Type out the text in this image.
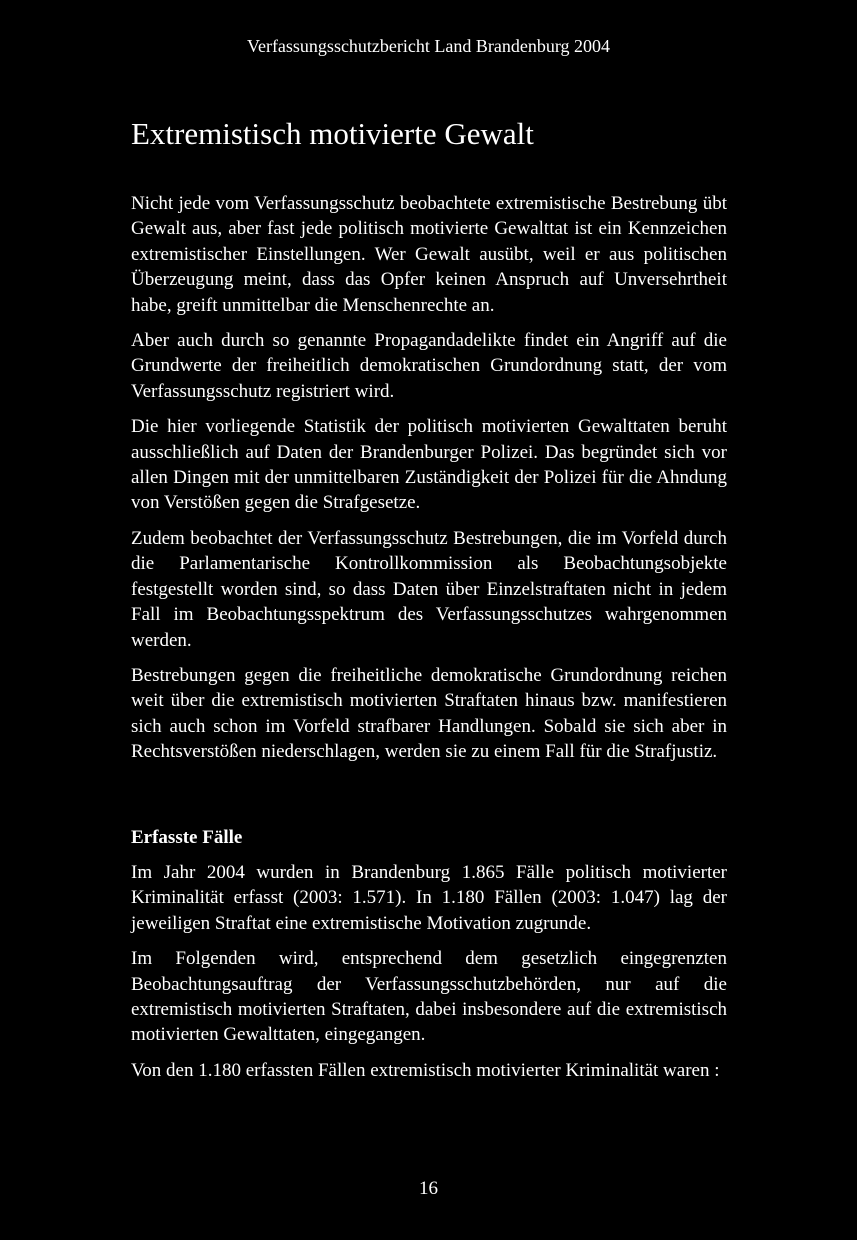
Verfassungsschutzbericht Land Brandenburg 2004
Extremistisch motivierte Gewalt

Nicht jede vom Verfassungsschutz beobachtete extremistische Bestrebung übt Gewalt aus, aber fast jede politisch motivierte Gewalttat ist ein Kennzeichen extremistischer Einstellungen. Wer Gewalt ausübt, weil er aus politischen Überzeugung meint, dass das Opfer keinen Anspruch auf Unversehrtheit habe, greift unmittelbar die Menschenrechte an.

Aber auch durch so genannte Propagandadelikte findet ein Angriff auf die Grundwerte der freiheitlich demokratischen Grundordnung statt, der vom Verfassungsschutz registriert wird.

Die hier vorliegende Statistik der politisch motivierten Gewalttaten beruht ausschließlich auf Daten der Brandenburger Polizei. Das begründet sich vor allen Dingen mit der unmittelbaren Zuständigkeit der Polizei für die Ahndung von Verstößen gegen die Strafgesetze.

Zudem beobachtet der Verfassungsschutz Bestrebungen, die im Vorfeld durch die Parlamentarische Kontrollkommission als Beobachtungsobjekte festgestellt worden sind, so dass Daten über Einzelstraftaten nicht in jedem Fall im Beobachtungsspektrum des Verfassungsschutzes wahrgenommen werden.

Bestrebungen gegen die freiheitliche demokratische Grundordnung reichen weit über die extremistisch motivierten Straftaten hinaus bzw. manifestieren sich auch schon im Vorfeld strafbarer Handlungen. Sobald sie sich aber in Rechtsverstößen niederschlagen, werden sie zu einem Fall für die Strafjustiz.

Erfasste Fälle

Im Jahr 2004 wurden in Brandenburg 1.865 Fälle politisch motivierter Kriminalität erfasst (2003: 1.571). In 1.180 Fällen (2003: 1.047) lag der jeweiligen Straftat eine extremistische Motivation zugrunde.

Im Folgenden wird, entsprechend dem gesetzlich eingegrenzten Beobachtungsauftrag der Verfassungsschutzbehörden, nur auf die extremistisch motivierten Straftaten, dabei insbesondere auf die extremistisch motivierten Gewalttaten, eingegangen.

Von den 1.180 erfassten Fällen extremistisch motivierter Kriminalität waren :

16
